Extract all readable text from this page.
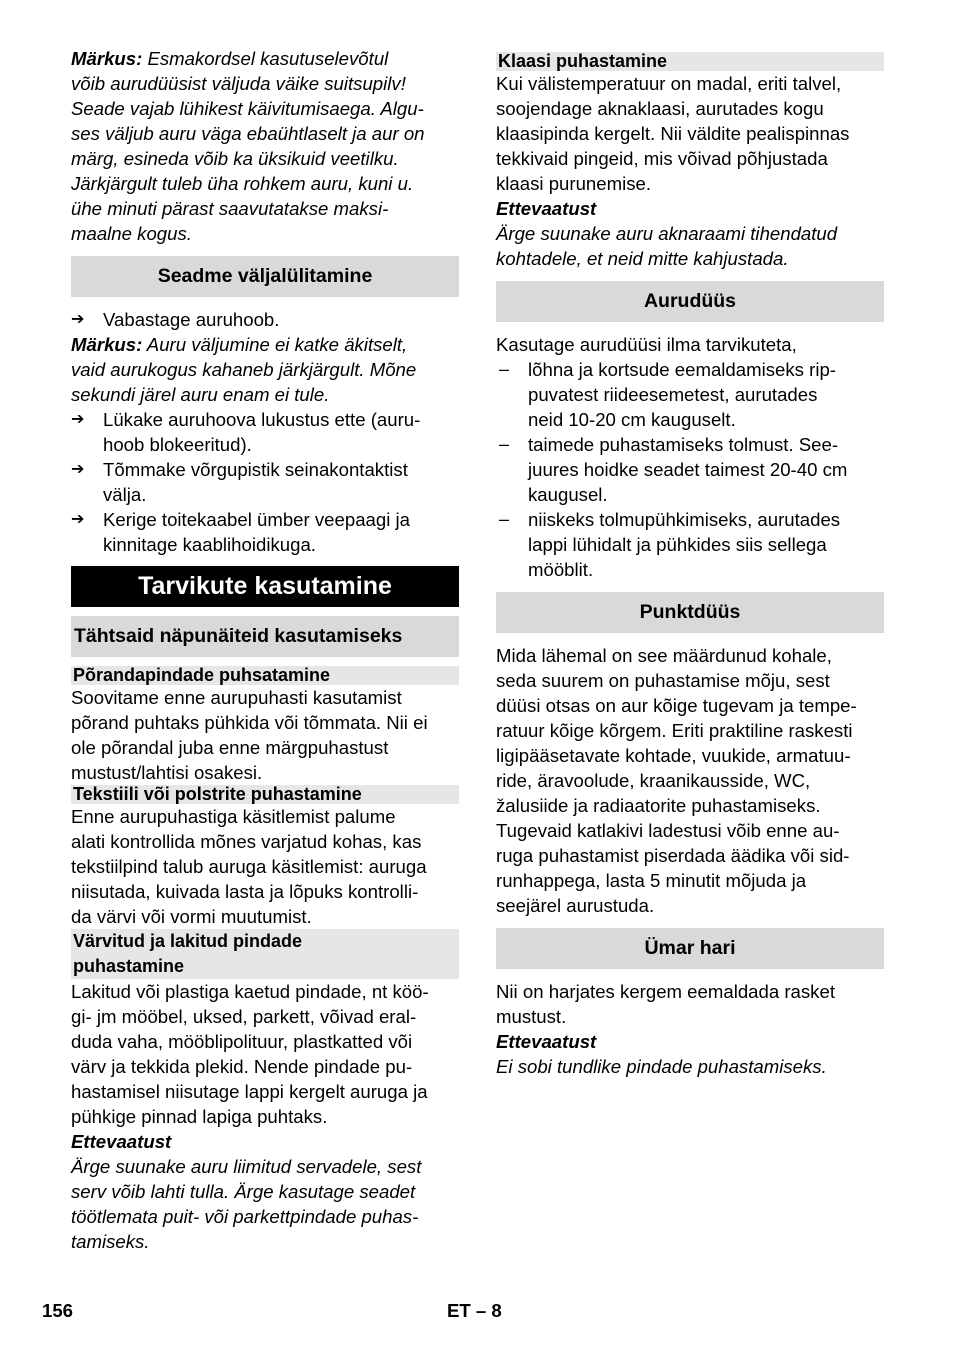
Märkus: Esmakordsel kasutuselevõtul
võib aurudüüsist väljuda väike suitsupilv!
Seade vajab lühikest käivitumisaega. Algu-
ses väljub auru väga ebaühtlaselt ja aur on
märg, esineda võib ka üksikuid veetilku.
Järkjärgult tuleb üha rohkem auru, kuni u.
ühe minuti pärast saavutatakse maksi-
maalne kogus.

Seadme väljalülitamine
➔ Vabastage auruhoob.

Märkus: Auru väljumine ei katke äkitselt,
vaid aurukogus kahaneb järkjärgult. Mõne
sekundi järel auru enam ei tule.

➔ Lükake auruhoova lukustus ette (auru-
hoob blokeeritud).

➔ Tõmmake võrgupistik seinakontaktist
välja.

➔ Kerige toitekaabel ümber veepaagi ja
kinnitage kaablihoidikuga.

Tarvikute kasutamine
Tähtsaid näpunäiteid kasutamiseks
Põrandapindade puhsatamine

Soovitame enne aurupuhasti kasutamist
põrand puhtaks pühkida või tõmmata. Nii ei
ole põrandal juba enne märgpuhastust
mustust/lahtisi osakesi.

Tekstiili või polstrite puhastamine

Enne aurupuhastiga käsitlemist palume
alati kontrollida mõnes varjatud kohas, kas
tekstiilpind talub auruga käsitlemist: auruga
niisutada, kuivada lasta ja lõpuks kontrolli-
da värvi või vormi muutumist.

Värvitud ja lakitud pindade
puhastamine

Lakitud või plastiga kaetud pindade, nt köö-
gi- jm mööbel, uksed, parkett, võivad eral-
duda vaha, mööblipolituur, plastkatted või
värv ja tekkida plekid. Nende pindade pu-
hastamisel niisutage lappi kergelt auruga ja
pühkige pinnad lapiga puhtaks.

Ettevaatust

Ärge suunake auru liimitud servadele, sest
serv võib lahti tulla. Ärge kasutage seadet
töötlemata puit- või parkettpindade puhas-
tamiseks.

Klaasi puhastamine

Kui välistemperatuur on madal, eriti talvel,
soojendage aknaklaasi, aurutades kogu
klaasipinda kergelt. Nii väldite pealispinnas
tekkivaid pingeid, mis võivad põhjustada
klaasi purunemise.

Ettevaatust

Ärge suunake auru aknaraami tihendatud
kohtadele, et neid mitte kahjustada.

Aurudüüs

Kasutage aurudüüsi ilma tarvikuteta,

–	lõhna ja kortsude eemaldamiseks rip-
puvatest riideesemetest, aurutades
neid 10-20 cm kauguselt.

–	taimede puhastamiseks tolmust. See-
juures hoidke seadet taimest 20-40 cm
kaugusel.

–	niiskeks tolmupühkimiseks, aurutades
lappi lühidalt ja pühkides siis sellega
mööblit.

Punktdüüs

Mida lähemal on see määrdunud kohale,
seda suurem on puhastamise mõju, sest
düüsi otsas on aur kõige tugevam ja tempe-
ratuur kõige kõrgem. Eriti praktiline raskesti
ligipääsetavate kohtade, vuukide, armatuu-
ride, äravoolude, kraanikausside, WC,
žalusiide ja radiaatorite puhastamiseks.
Tugevaid katlakivi ladestusi võib enne au-
ruga puhastamist piserdada äädika või sid-
runhappega, lasta 5 minutit mõjuda ja
seejärel aurustuda.

Ümar hari

Nii on harjates kergem eemaldada rasket
mustust.

Ettevaatust

Ei sobi tundlike pindade puhastamiseks.

156	ET – 8
